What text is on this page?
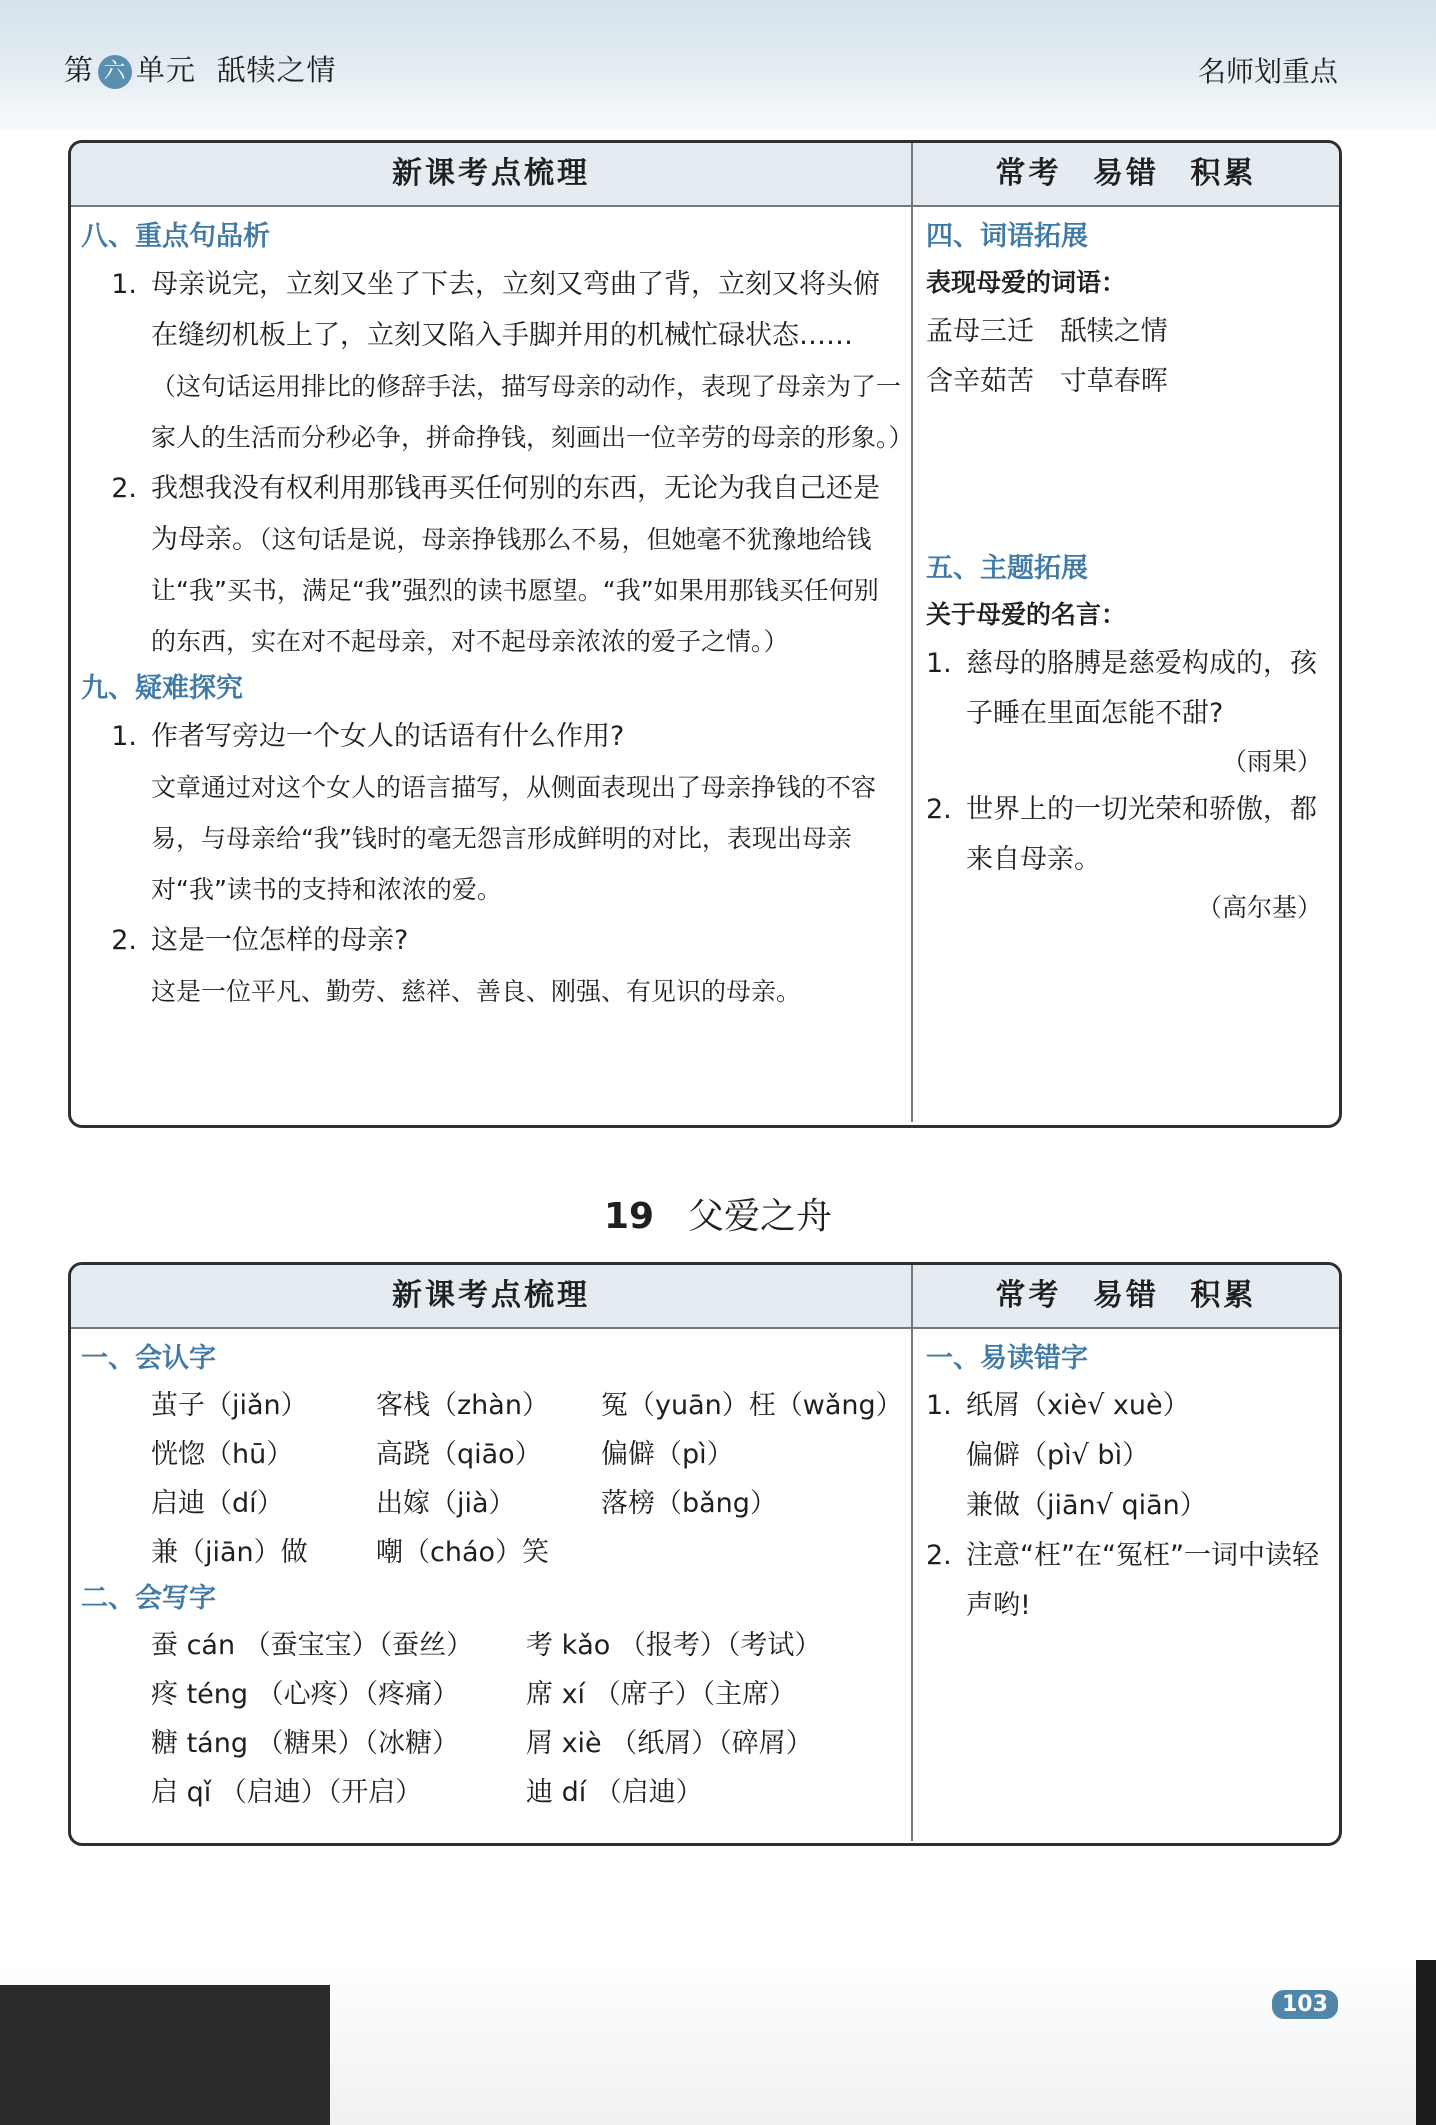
第 六 单元 舐犊之情	名师划重点
新课考点梳理	常考 易错 积累
八、重点句品析
1. 母亲说完，立刻又坐了下去，立刻又弯曲了背，立刻又将头俯在缝纫机板上了，立刻又陷入手脚并用的机械忙碌状态……（这句话运用排比的修辞手法，描写母亲的动作，表现了母亲为了一家人的生活而分秒必争，拼命挣钱，刻画出一位辛劳的母亲的形象。）
2. 我想我没有权利用那钱再买任何别的东西，无论为我自己还是为母亲。（这句话是说，母亲挣钱那么不易，但她毫不犹豫地给钱让“我”买书，满足“我”强烈的读书愿望。“我”如果用那钱买任何别的东西，实在对不起母亲，对不起母亲浓浓的爱子之情。）
九、疑难探究
1. 作者写旁边一个女人的话语有什么作用?
文章通过对这个女人的语言描写，从侧面表现出了母亲挣钱的不容易，与母亲给“我”钱时的毫无怨言形成鲜明的对比，表现出母亲对“我”读书的支持和浓浓的爱。
2. 这是一位怎样的母亲?
这是一位平凡、勤劳、慈祥、善良、刚强、有见识的母亲。
四、词语拓展
表现母爱的词语：
孟母三迁   舐犊之情
含辛茹苦   寸草春晖
五、主题拓展
关于母爱的名言：
1. 慈母的胳膊是慈爱构成的，孩子睡在里面怎能不甜?
（雨果）
2. 世界上的一切光荣和骄傲，都来自母亲。
（高尔基）
19 父爱之舟
新课考点梳理	常考 易错 积累
一、会认字
茧子（jiǎn）	客栈（zhàn）	冤（yuān）枉（wǎng）
恍惚（hū）	高跷（qiāo）	偏僻（pì）
启迪（dí）	出嫁（jià）	落榜（bǎng）
兼（jiān）做	嘲（cháo）笑
二、会写字
蚕 cán （蚕宝宝）（蚕丝）	考 kǎo （报考）（考试）
疼 téng （心疼）（疼痛）	席 xí （席子）（主席）
糖 táng （糖果）（冰糖）	屑 xiè （纸屑）（碎屑）
启 qǐ （启迪）（开启）	迪 dí （启迪）
一、易读错字
1. 纸屑（xiè√ xuè）
偏僻（pì√ bì）
兼做（jiān√ qiān）
2. 注意“枉”在“冤枉”一词中读轻声哟!
103
